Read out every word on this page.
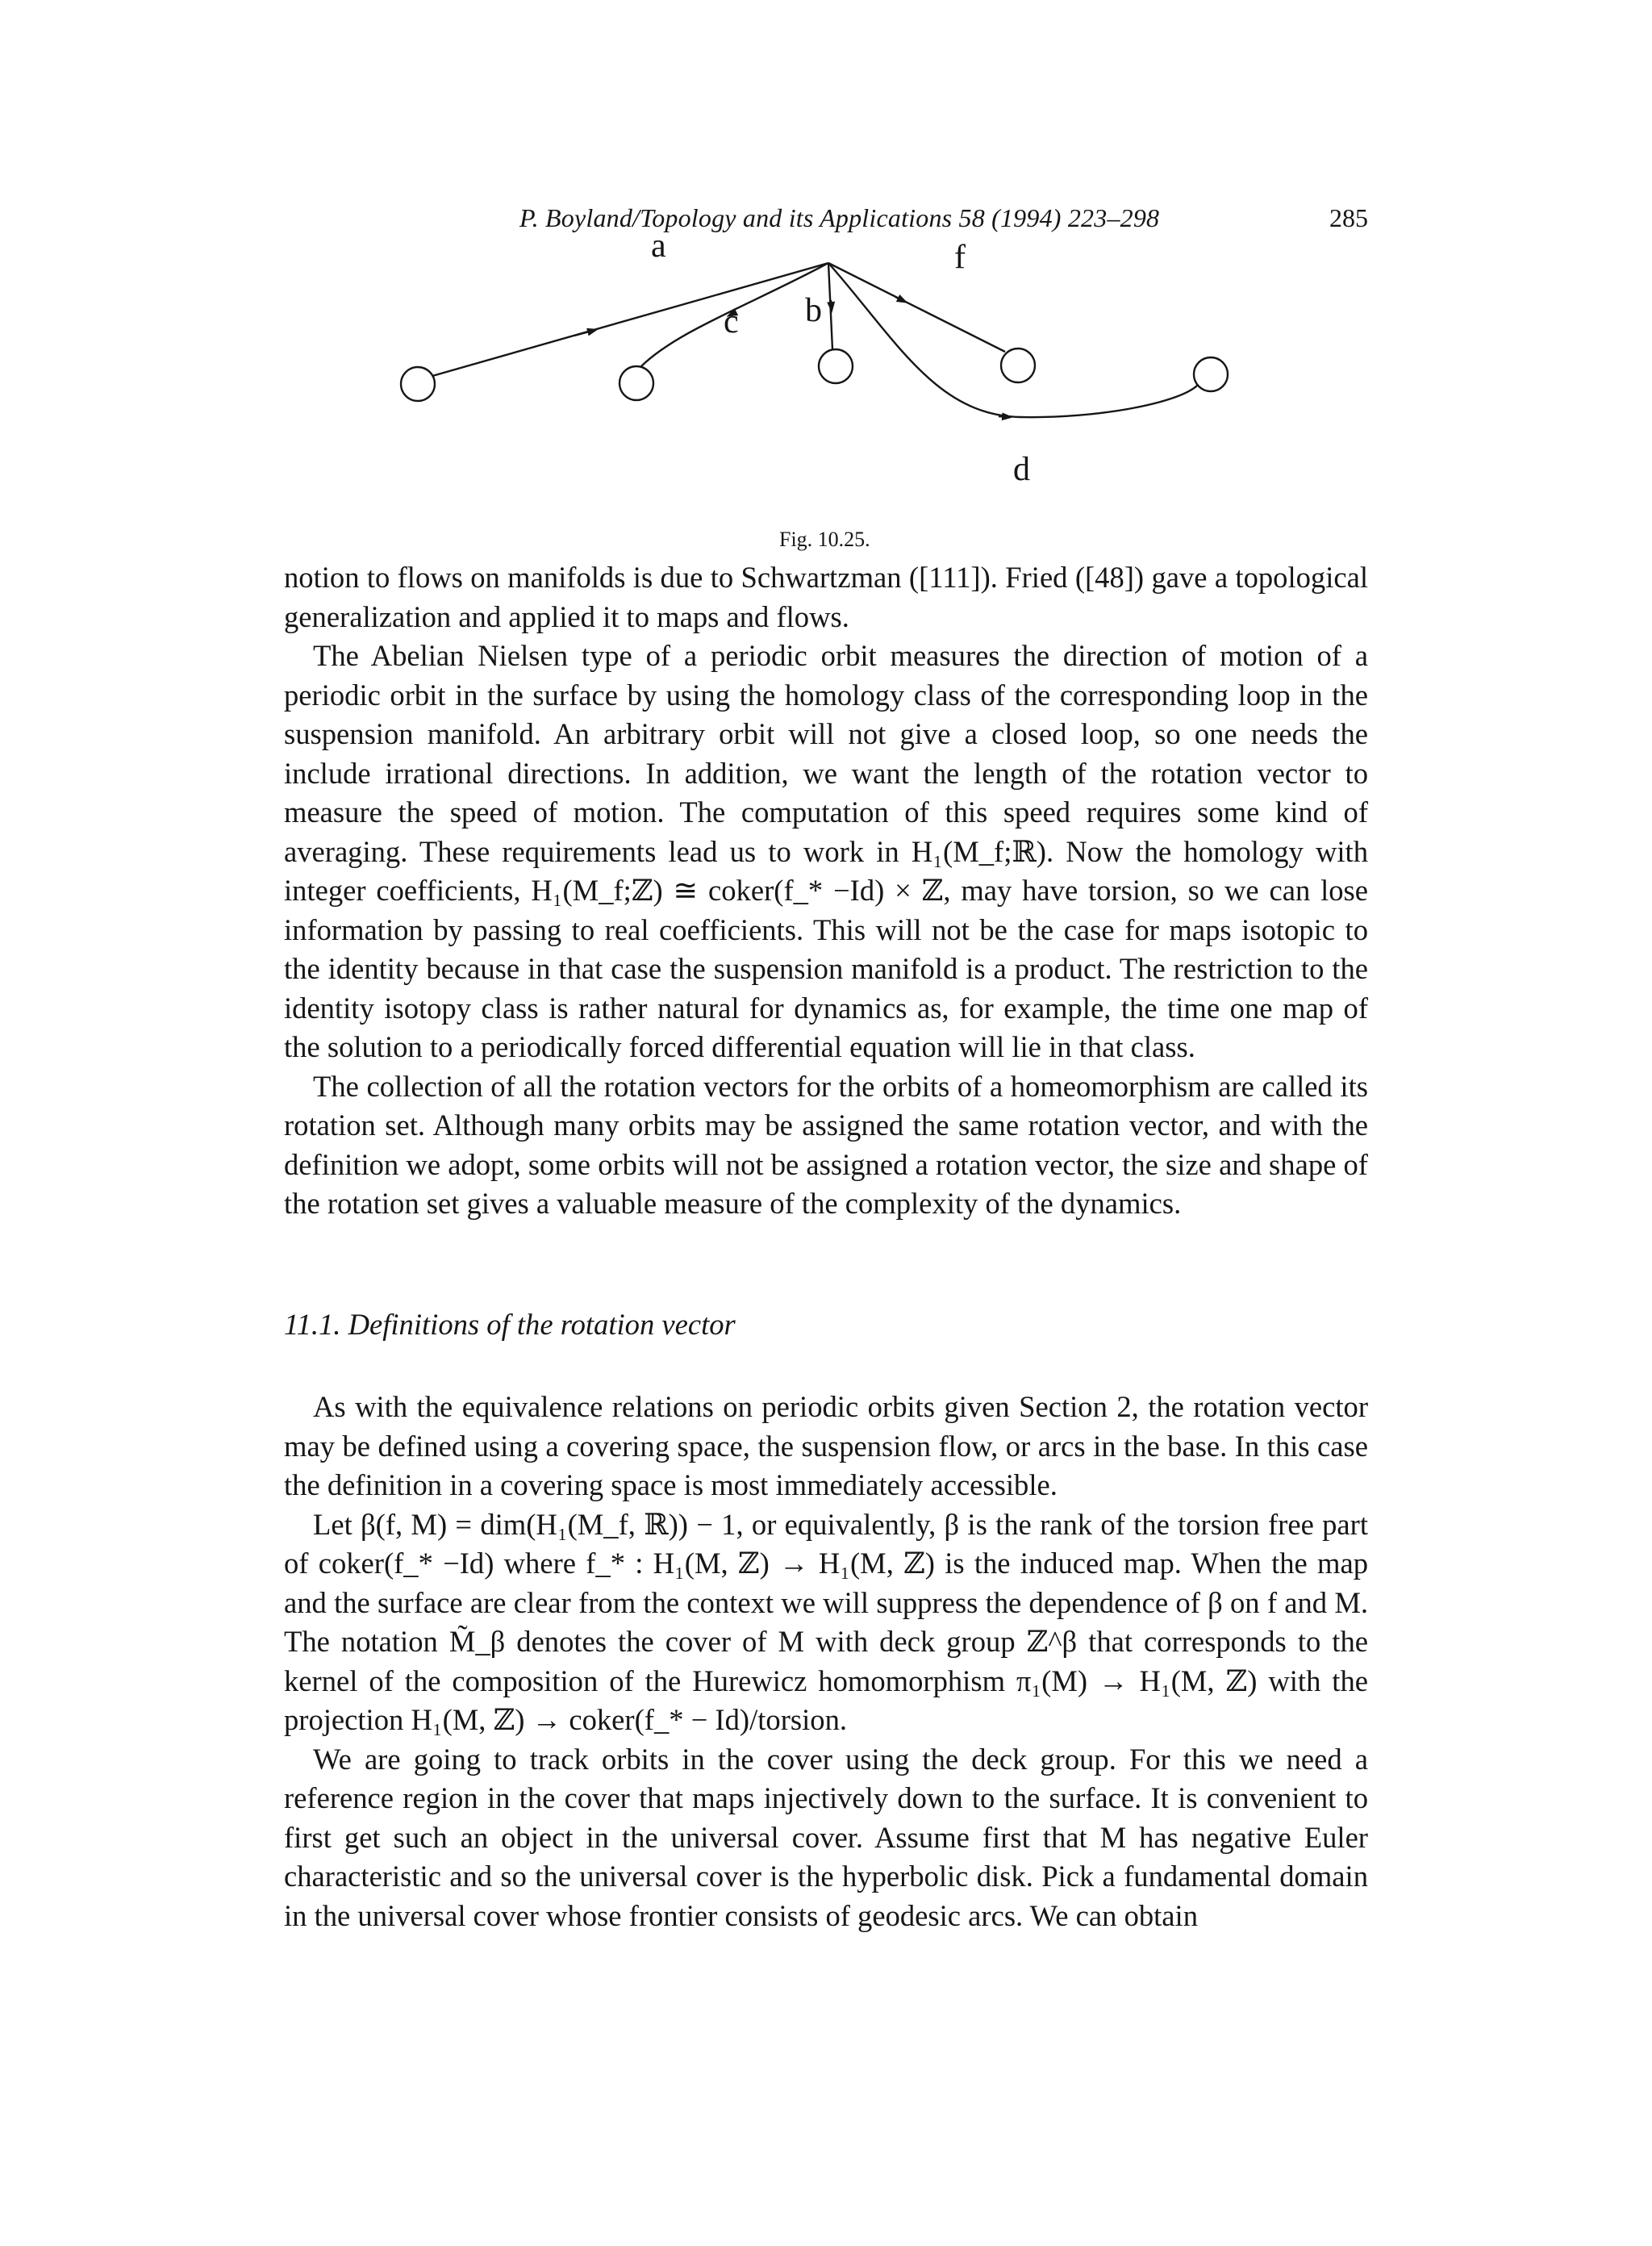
P. Boyland/Topology and its Applications 58 (1994) 223–298	285
a	f
c b
d
Fig. 10.25.

notion to flows on manifolds is due to Schwartzman ([111]). Fried ([48]) gave a topological generalization and applied it to maps and flows.

The Abelian Nielsen type of a periodic orbit measures the direction of motion of a periodic orbit in the surface by using the homology class of the corresponding loop in the suspension manifold. An arbitrary orbit will not give a closed loop, so one needs the include irrational directions. In addition, we want the length of the rotation vector to measure the speed of motion. The computation of this speed requires some kind of averaging. These requirements lead us to work in H₁(M_f;ℝ). Now the homology with integer coefficients, H₁(M_f;ℤ) ≅ coker(f_* −Id) × ℤ, may have torsion, so we can lose information by passing to real coefficients. This will not be the case for maps isotopic to the identity because in that case the suspension manifold is a product. The restriction to the identity isotopy class is rather natural for dynamics as, for example, the time one map of the solution to a periodically forced differential equation will lie in that class.

The collection of all the rotation vectors for the orbits of a homeomorphism are called its rotation set. Although many orbits may be assigned the same rotation vector, and with the definition we adopt, some orbits will not be assigned a rotation vector, the size and shape of the rotation set gives a valuable measure of the complexity of the dynamics.

11.1. Definitions of the rotation vector

As with the equivalence relations on periodic orbits given Section 2, the rotation vector may be defined using a covering space, the suspension flow, or arcs in the base. In this case the definition in a covering space is most immediately accessible.

Let β(f, M) = dim(H₁(M_f, ℝ)) − 1, or equivalently, β is the rank of the torsion free part of coker(f_* −Id) where f_* : H₁(M, ℤ) → H₁(M, ℤ) is the induced map. When the map and the surface are clear from the context we will suppress the dependence of β on f and M. The notation M̃_β denotes the cover of M with deck group ℤ^β that corresponds to the kernel of the composition of the Hurewicz homomorphism π₁(M) → H₁(M, ℤ) with the projection H₁(M, ℤ) → coker(f_* − Id)/torsion.

We are going to track orbits in the cover using the deck group. For this we need a reference region in the cover that maps injectively down to the surface. It is convenient to first get such an object in the universal cover. Assume first that M has negative Euler characteristic and so the universal cover is the hyperbolic disk. Pick a fundamental domain in the universal cover whose frontier consists of geodesic arcs. We can obtain
